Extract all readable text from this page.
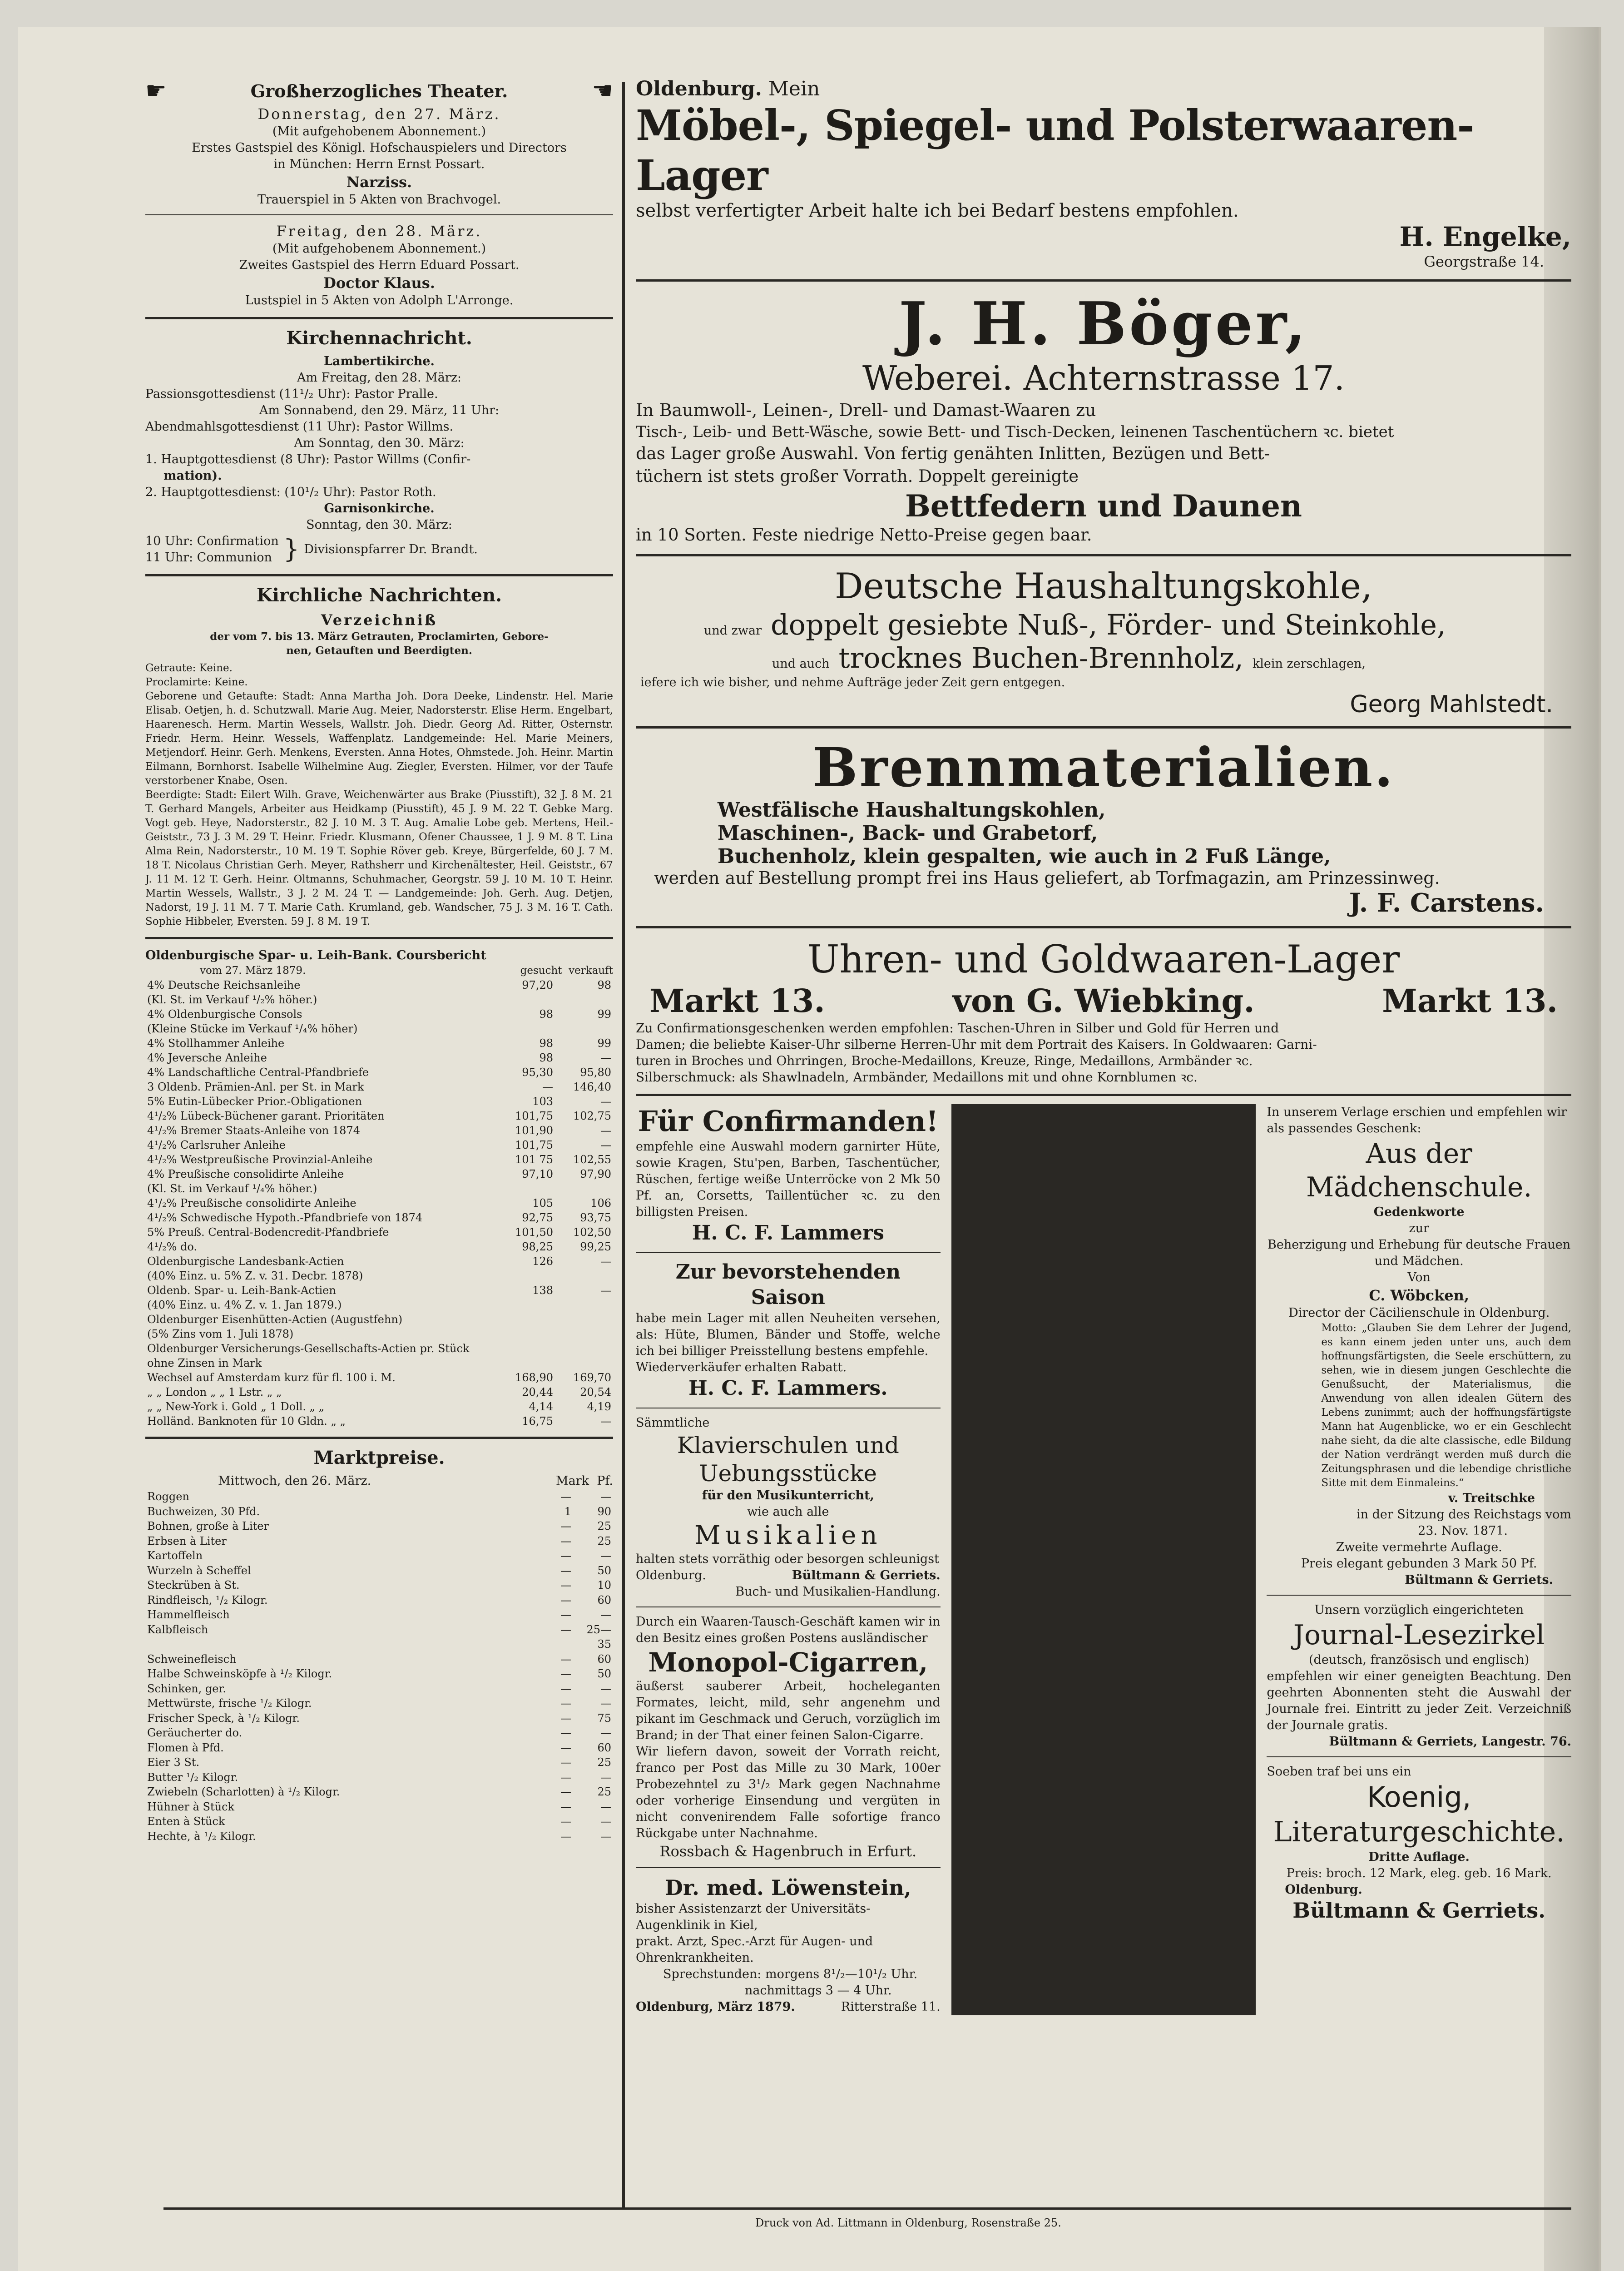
☛	Großherzogliches Theater.	☚
Donnerstag, den 27. März.
(Mit aufgehobenem Abonnement.)
Erstes Gastspiel des Königl. Hofschauspielers und Directors
in München: Herrn Ernst Possart.
Narziss.
Trauerspiel in 5 Akten von Brachvogel.
Freitag, den 28. März.
(Mit aufgehobenem Abonnement.)
Zweites Gastspiel des Herrn Eduard Possart.
Doctor Klaus.
Lustspiel in 5 Akten von Adolph L'Arronge.
Kirchennachricht.
Lambertikirche.
Am Freitag, den 28. März:
Passionsgottesdienst (11¹/₂ Uhr): Pastor Pralle.
Am Sonnabend, den 29. März, 11 Uhr:
Abendmahlsgottesdienst (11 Uhr): Pastor Willms.
Am Sonntag, den 30. März:
1. Hauptgottesdienst (8 Uhr): Pastor Willms (Confir-
mation).
2. Hauptgottesdienst: (10¹/₂ Uhr): Pastor Roth.
Garnisonkirche.
Sonntag, den 30. März:
10 Uhr: Confirmation
11 Uhr: Communion } Divisionspfarrer Dr. Brandt.
Kirchliche Nachrichten.
Verzeichniß
der vom 7. bis 13. März Getrauten, Proclamirten, Gebore-
nen, Getauften und Beerdigten.
Getraute: Keine.
Proclamirte: Keine.
Geborene und Getaufte: Stadt: Anna Martha Joh. Dora Deeke, Lindenstr. Hel. Marie Elisab. Oetjen, h. d. Schutzwall. Marie Aug. Meier, Nadorsterstr. Elise Herm. Engelbart, Haarenesch. Herm. Martin Wessels, Wallstr. Joh. Diedr. Georg Ad. Ritter, Osternstr. Friedr. Herm. Heinr. Wessels, Waffenplatz. Landgemeinde: Hel. Marie Meiners, Metjendorf. Heinr. Gerh. Menkens, Eversten. Anna Hotes, Ohmstede. Joh. Heinr. Martin Eilmann, Bornhorst. Isabelle Wilhelmine Aug. Ziegler, Eversten. Hilmer, vor der Taufe verstorbener Knabe, Osen.
Beerdigte: Stadt: Eilert Wilh. Grave, Weichenwärter aus Brake (Piusstift), 32 J. 8 M. 21 T. Gerhard Mangels, Arbeiter aus Heidkamp (Piusstift), 45 J. 9 M. 22 T. Gebke Marg. Vogt geb. Heye, Nadorsterstr., 82 J. 10 M. 3 T. Aug. Amalie Lobe geb. Mertens, Heil.-Geiststr., 73 J. 3 M. 29 T. Heinr. Friedr. Klusmann, Ofener Chaussee, 1 J. 9 M. 8 T. Lina Alma Rein, Nadorsterstr., 10 M. 19 T. Sophie Röver geb. Kreye, Bürgerfelde, 60 J. 7 M. 18 T. Nicolaus Christian Gerh. Meyer, Rathsherr und Kirchenältester, Heil. Geiststr., 67 J. 11 M. 12 T. Gerh. Heinr. Oltmanns, Schuhmacher, Georgstr. 59 J. 10 M. 10 T. Heinr. Martin Wessels, Wallstr., 3 J. 2 M. 24 T. — Landgemeinde: Joh. Gerh. Aug. Detjen, Nadorst, 19 J. 11 M. 7 T. Marie Cath. Krumland, geb. Wandscher, 75 J. 3 M. 16 T. Cath. Sophie Hibbeler, Eversten. 59 J. 8 M. 19 T.
Oldenburgische Spar- u. Leih-Bank. Coursbericht
vom 27. März 1879.	gesucht verkauft
4% Deutsche Reichsanleihe	97,20	98
(Kl. St. im Verkauf ¹/₂% höher.)		
4% Oldenburgische Consols	98	99
(Kleine Stücke im Verkauf ¹/₄% höher)		
4% Stollhammer Anleihe	98	99
4% Jeversche Anleihe	98	—
4% Landschaftliche Central-Pfandbriefe	95,30	95,80
3 Oldenb. Prämien-Anl. per St. in Mark	—	146,40
5% Eutin-Lübecker Prior.-Obligationen	103	—
4¹/₂% Lübeck-Büchener garant. Prioritäten	101,75	102,75
4¹/₂% Bremer Staats-Anleihe von 1874	101,90	—
4¹/₂% Carlsruher Anleihe	101,75	—
4¹/₂% Westpreußische Provinzial-Anleihe	101 75	102,55
4% Preußische consolidirte Anleihe	97,10	97,90
(Kl. St. im Verkauf ¹/₄% höher.)		
4¹/₂% Preußische consolidirte Anleihe	105	106
4¹/₂% Schwedische Hypoth.-Pfandbriefe von 1874	92,75	93,75
5% Preuß. Central-Bodencredit-Pfandbriefe	101,50	102,50
4¹/₂% do.	98,25	99,25
Oldenburgische Landesbank-Actien	126	—
(40% Einz. u. 5% Z. v. 31. Decbr. 1878)		
Oldenb. Spar- u. Leih-Bank-Actien	138	—
(40% Einz. u. 4% Z. v. 1. Jan 1879.)		
Oldenburger Eisenhütten-Actien (Augustfehn)		
(5% Zins vom 1. Juli 1878)		
Oldenburger Versicherungs-Gesellschafts-Actien pr. Stück		
ohne Zinsen in Mark		
Wechsel auf Amsterdam kurz für fl. 100 i. M.	168,90	169,70
„ „ London „ „ 1 Lstr. „ „	20,44	20,54
„ „ New-York i. Gold „ 1 Doll. „ „	4,14	4,19
Holländ. Banknoten für 10 Gldn. „ „	16,75	—
Marktpreise.
Mittwoch, den 26. März.	Mark Pf.
Roggen	—	—
Buchweizen, 30 Pfd.	1	90
Bohnen, große à Liter	—	25
Erbsen à Liter	—	25
Kartoffeln	—	—
Wurzeln à Scheffel	—	50
Steckrüben à St.	—	10
Rindfleisch, ¹/₂ Kilogr.	—	60
Hammelfleisch	—	—
Kalbfleisch	—	25—35
Schweinefleisch	—	60
Halbe Schweinsköpfe à ¹/₂ Kilogr.	—	50
Schinken, ger.	—	—
Mettwürste, frische ¹/₂ Kilogr.	—	—
Frischer Speck, à ¹/₂ Kilogr.	—	75
Geräucherter do.	—	—
Flomen à Pfd.	—	60
Eier 3 St.	—	25
Butter ¹/₂ Kilogr.	—	—
Zwiebeln (Scharlotten) à ¹/₂ Kilogr.	—	25
Hühner à Stück	—	—
Enten à Stück	—	—
Hechte, à ¹/₂ Kilogr.	—	—
Oldenburg. Mein
Möbel-, Spiegel- und Polsterwaaren-Lager
selbst verfertigter Arbeit halte ich bei Bedarf bestens empfohlen.
H. Engelke,
Georgstraße 14.
J. H. Böger,
Weberei. Achternstrasse 17.
In Baumwoll-, Leinen-, Drell- und Damast-Waaren zu
Tisch-, Leib- und Bett-Wäsche, sowie Bett- und Tisch-Decken, leinenen Taschentüchern ꝛc. bietet
das Lager große Auswahl. Von fertig genähten Inlitten, Bezügen und Bett-
tüchern ist stets großer Vorrath. Doppelt gereinigte
Bettfedern und Daunen
in 10 Sorten. Feste niedrige Netto-Preise gegen baar.
Deutsche Haushaltungskohle,
und zwar doppelt gesiebte Nuß-, Förder- und Steinkohle,
und auch trocknes Buchen-Brennholz, klein zerschlagen,
iefere ich wie bisher, und nehme Aufträge jeder Zeit gern entgegen.
Georg Mahlstedt.
Brennmaterialien.
Westfälische Haushaltungskohlen,
Maschinen-, Back- und Grabetorf,
Buchenholz, klein gespalten, wie auch in 2 Fuß Länge,
werden auf Bestellung prompt frei ins Haus geliefert, ab Torfmagazin, am Prinzessinweg.
J. F. Carstens.
Uhren- und Goldwaaren-Lager
Markt 13.	von G. Wiebking.	Markt 13.
Zu Confirmationsgeschenken werden empfohlen: Taschen-Uhren in Silber und Gold für Herren und
Damen; die beliebte Kaiser-Uhr silberne Herren-Uhr mit dem Portrait des Kaisers. In Goldwaaren: Garni-
turen in Broches und Ohrringen, Broche-Medaillons, Kreuze, Ringe, Medaillons, Armbänder ꝛc.
Silberschmuck: als Shawlnadeln, Armbänder, Medaillons mit und ohne Kornblumen ꝛc.
Für Confirmanden!
empfehle eine Auswahl modern garnirter Hüte, sowie Kragen, Stu'pen, Barben, Taschentücher, Rüschen, fertige weiße Unterröcke von 2 Mk 50 Pf. an, Corsetts, Taillentücher ꝛc. zu den billigsten Preisen.
H. C. F. Lammers
Zur bevorstehenden Saison
habe mein Lager mit allen Neuheiten versehen, als: Hüte, Blumen, Bänder und Stoffe, welche ich bei billiger Preisstellung bestens empfehle.
Wiederverkäufer erhalten Rabatt.
H. C. F. Lammers.
Sämmtliche
Klavierschulen und Uebungsstücke
für den Musikunterricht,
wie auch alle
Musikalien
halten stets vorräthig oder besorgen schleunigst
Oldenburg.	Bültmann & Gerriets.
Buch- und Musikalien-Handlung.
Durch ein Waaren-Tausch-Geschäft kamen wir in den Besitz eines großen Postens ausländischer
Monopol-Cigarren,
äußerst sauberer Arbeit, hocheleganten Formates, leicht, mild, sehr angenehm und pikant im Geschmack und Geruch, vorzüglich im Brand; in der That einer feinen Salon-Cigarre.
Wir liefern davon, soweit der Vorrath reicht, franco per Post das Mille zu 30 Mark, 100er Probezehntel zu 3¹/₂ Mark gegen Nachnahme oder vorherige Einsendung und vergüten in nicht convenirendem Falle sofortige franco Rückgabe unter Nachnahme.
Rossbach & Hagenbruch in Erfurt.
Dr. med. Löwenstein,
bisher Assistenzarzt der Universitäts-Augenklinik in Kiel,
prakt. Arzt, Spec.-Arzt für Augen- und Ohrenkrankheiten.
Sprechstunden: morgens 8¹/₂—10¹/₂ Uhr.
nachmittags 3 — 4 Uhr.
Oldenburg, März 1879.	Ritterstraße 11.
In unserem Verlage erschien und empfehlen wir als passendes Geschenk:
Aus der Mädchenschule.
Gedenkworte
zur
Beherzigung und Erhebung für deutsche Frauen und Mädchen.
Von
C. Wöbcken,
Director der Cäcilienschule in Oldenburg.
Motto: „Glauben Sie dem Lehrer der Jugend, es kann einem jeden unter uns, auch dem hoffnungsfärtigsten, die Seele erschüttern, zu sehen, wie in diesem jungen Geschlechte die Genußsucht, der Materialismus, die Anwendung von allen idealen Gütern des Lebens zunimmt; auch der hoffnungsfärtigste Mann hat Augenblicke, wo er ein Geschlecht nahe sieht, da die alte classische, edle Bildung der Nation verdrängt werden muß durch die Zeitungsphrasen und die lebendige christliche Sitte mit dem Einmaleins.“
v. Treitschke
in der Sitzung des Reichstags vom
23. Nov. 1871.
Zweite vermehrte Auflage.
Preis elegant gebunden 3 Mark 50 Pf.
Bültmann & Gerriets.
Unsern vorzüglich eingerichteten
Journal-Lesezirkel
(deutsch, französisch und englisch)
empfehlen wir einer geneigten Beachtung. Den geehrten Abonnenten steht die Auswahl der Journale frei. Eintritt zu jeder Zeit. Verzeichniß der Journale gratis.
Bültmann & Gerriets, Langestr. 76.
Soeben traf bei uns ein
Koenig,
Literaturgeschichte.
Dritte Auflage.
Preis: broch. 12 Mark, eleg. geb. 16 Mark.
Oldenburg.
Bültmann & Gerriets.
Druck von Ad. Littmann in Oldenburg, Rosenstraße 25.
